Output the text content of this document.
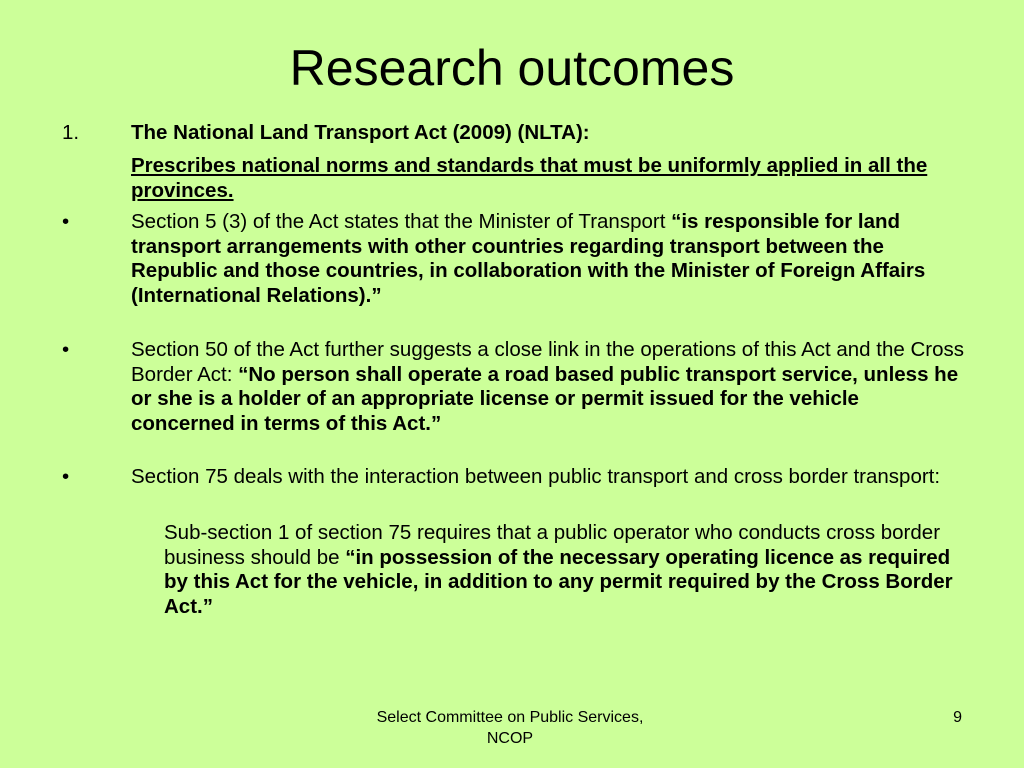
Research outcomes
1.	The National Land Transport Act (2009) (NLTA):
Prescribes national norms and standards that must be uniformly applied in all the provinces.
•	Section 5 (3) of the Act states that the Minister of Transport “is responsible for land transport arrangements with other countries regarding transport between the Republic and those countries, in collaboration with the Minister of Foreign Affairs (International Relations).”
•	Section 50 of the Act further suggests a close link in the operations of this Act and the Cross Border Act: “No person shall operate a road based public transport service, unless he or she is a holder of an appropriate license or permit issued for the vehicle concerned in terms of this Act.”
•	Section 75 deals with the interaction between public transport and cross border transport:
Sub-section 1 of section 75 requires that a public operator who conducts cross border business should be “in possession of the necessary operating licence as required by this Act for the vehicle, in addition to any permit required by the Cross Border Act.”
Select Committee on Public Services, NCOP
9
